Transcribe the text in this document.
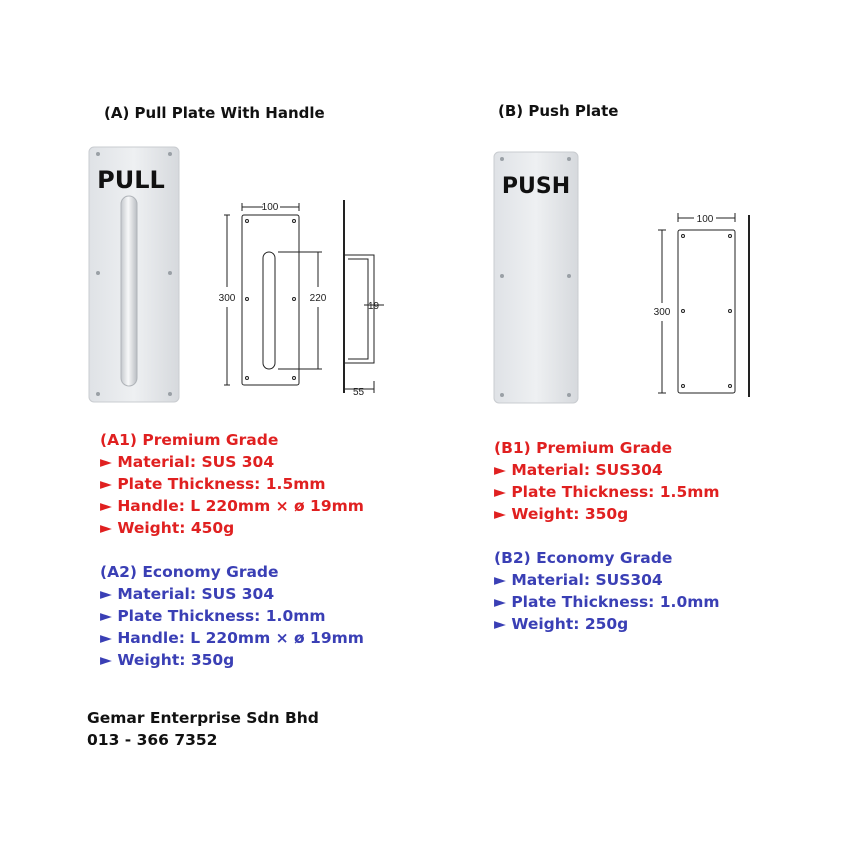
(A) Pull Plate With Handle	(B) Push Plate
PULL
100
300	220
19
55
PUSH
100
300
(A1) Premium Grade
► Material: SUS 304
► Plate Thickness: 1.5mm
► Handle: L 220mm × ø 19mm
► Weight: 450g
(A2) Economy Grade
► Material: SUS 304
► Plate Thickness: 1.0mm
► Handle: L 220mm × ø 19mm
► Weight: 350g
(B1) Premium Grade
► Material: SUS304
► Plate Thickness: 1.5mm
► Weight: 350g
(B2) Economy Grade
► Material: SUS304
► Plate Thickness: 1.0mm
► Weight: 250g
Gemar Enterprise Sdn Bhd
013 - 366 7352
